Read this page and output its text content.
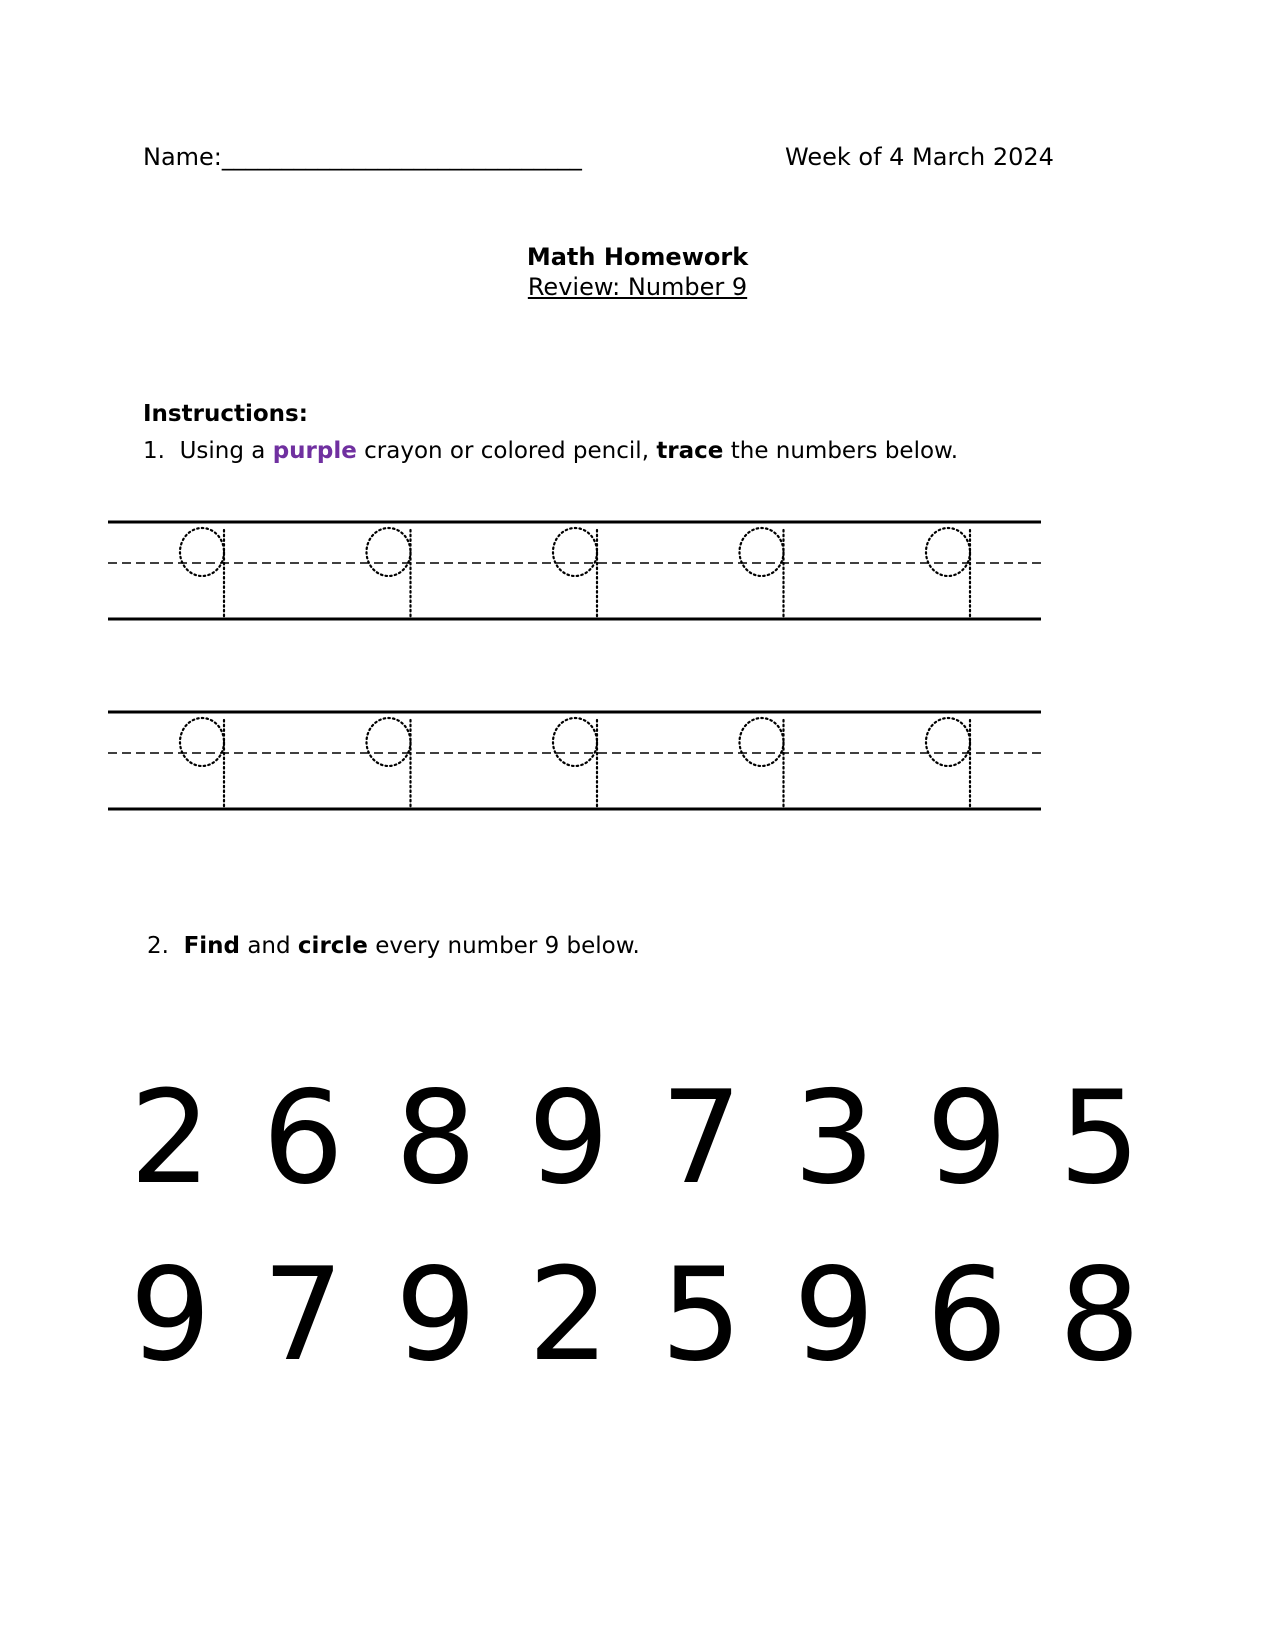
Name:______________________________	Week of 4 March 2024
Math Homework
Review: Number 9
Instructions:
1. Using a purple crayon or colored pencil, trace the numbers below.
2. Find and circle every number 9 below.
2 6 8 9 7 3 9 5
9 7 9 2 5 9 6 8
